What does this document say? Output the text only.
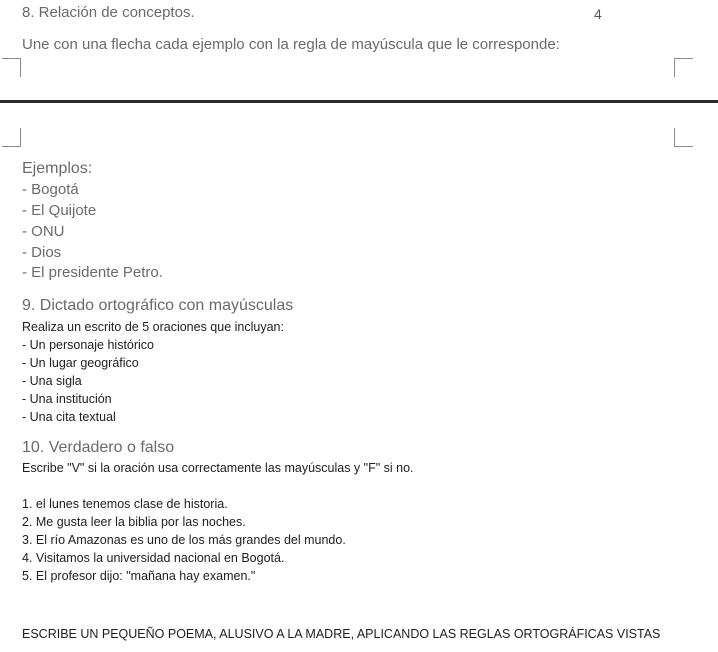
8. Relación de conceptos.	4
Une con una flecha cada ejemplo con la regla de mayúscula que le corresponde:
Ejemplos:
- Bogotá
- El Quijote
- ONU
- Dios
- El presidente Petro.
9. Dictado ortográfico con mayúsculas
Realiza un escrito de 5 oraciones que incluyan:
- Un personaje histórico
- Un lugar geográfico
- Una sigla
- Una institución
- Una cita textual
10. Verdadero o falso
Escribe "V" si la oración usa correctamente las mayúsculas y "F" si no.
1. el lunes tenemos clase de historia.
2. Me gusta leer la biblia por las noches.
3. El río Amazonas es uno de los más grandes del mundo.
4. Visitamos la universidad nacional en Bogotá.
5. El profesor dijo: "mañana hay examen."
ESCRIBE UN PEQUEÑO POEMA, ALUSIVO A LA MADRE, APLICANDO LAS REGLAS ORTOGRÁFICAS VISTAS
